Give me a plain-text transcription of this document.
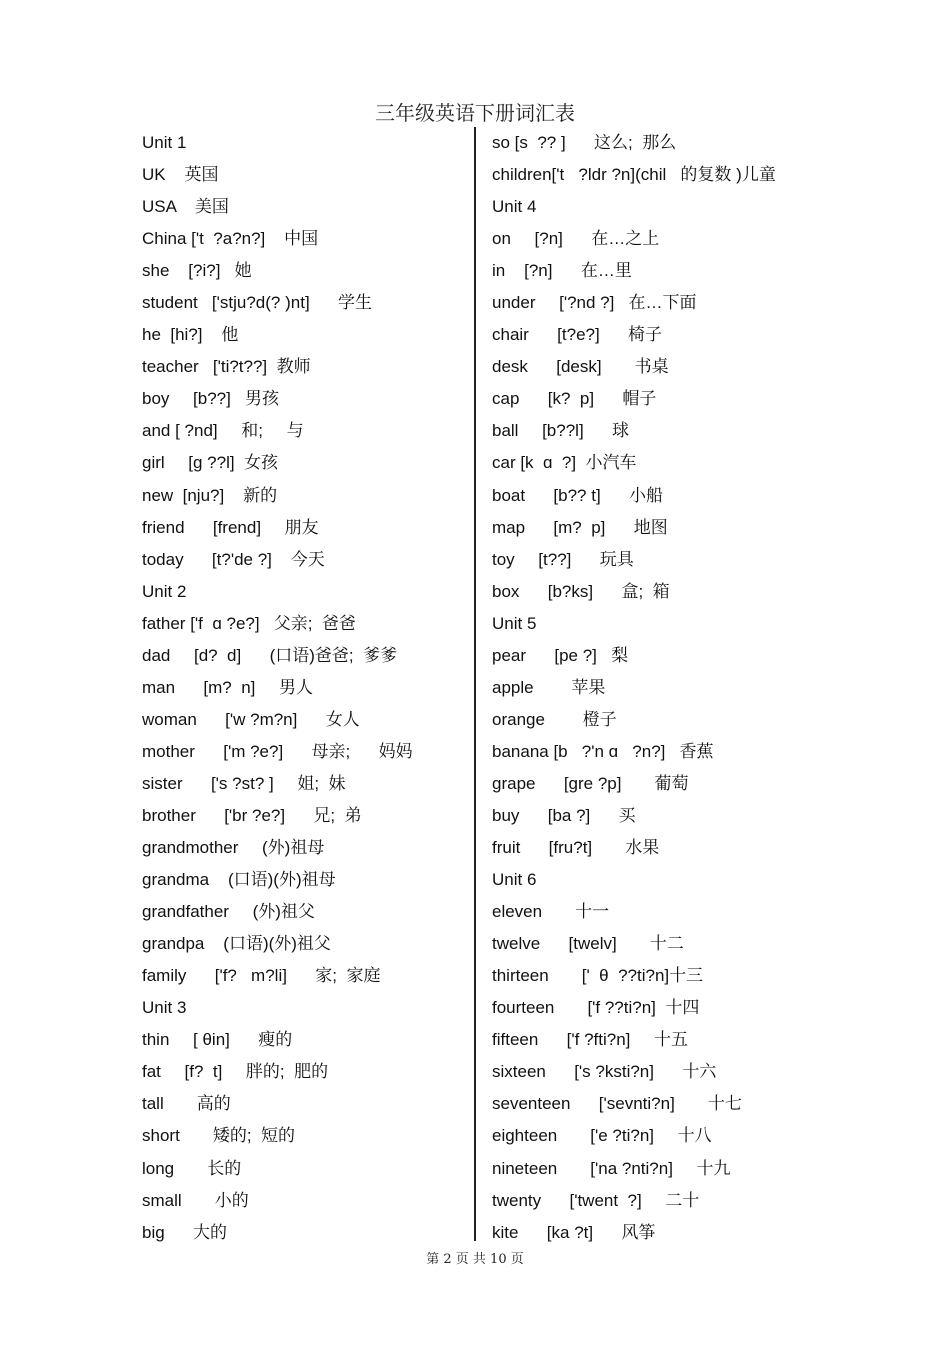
三年级英语下册词汇表
Unit 1
UK    英国
USA    美国
China ['t  ?a?n?]    中国
she    [?i?]   她
student   ['stju?d(? )nt]      学生
he  [hi?]    他
teacher   ['ti?t??]  教师
boy     [b??]   男孩
and [ ?nd]     和;     与
girl     [g ??l]  女孩
new  [nju?]    新的
friend      [frend]     朋友
today      [t?'de ?]    今天
Unit 2
father ['f  ɑ ?e?]   父亲;  爸爸
dad     [d?  d]      (口语)爸爸;  爹爹
man      [m?  n]     男人
woman      ['w ?m?n]      女人
mother      ['m ?e?]      母亲;      妈妈
sister      ['s ?st? ]     姐;  妹
brother      ['br ?e?]      兄;  弟
grandmother     (外)祖母
grandma    (口语)(外)祖母
grandfather     (外)祖父
grandpa    (口语)(外)祖父
family      ['f?   m?li]      家;  家庭
Unit 3
thin     [ θin]      瘦的
fat     [f?  t]     胖的;  肥的
tall       高的
short       矮的;  短的
long       长的
small       小的
big      大的
so [s  ?? ]      这么;  那么
children['t   ?ldr ?n](chil   的复数 )儿童
Unit 4
on     [?n]      在…之上
in    [?n]      在…里
under     ['?nd ?]   在…下面
chair      [t?e?]      椅子
desk      [desk]       书桌
cap      [k?  p]      帽子
ball     [b??l]      球
car [k  ɑ  ?]  小汽车
boat      [b?? t]      小船
map      [m?  p]      地图
toy     [t??]      玩具
box      [b?ks]      盒;  箱
Unit 5
pear      [pe ?]   梨
apple        苹果
orange        橙子
banana [b   ?'n ɑ   ?n?]   香蕉
grape      [gre ?p]       葡萄
buy      [ba ?]      买
fruit      [fru?t]       水果
Unit 6
eleven       十一
twelve      [twelv]       十二
thirteen       ['  θ  ??ti?n]十三
fourteen       ['f ??ti?n]  十四
fifteen      ['f ?fti?n]     十五
sixteen      ['s ?ksti?n]      十六
seventeen      ['sevnti?n]       十七
eighteen       ['e ?ti?n]     十八
nineteen       ['na ?nti?n]     十九
twenty      ['twent  ?]     二十
kite      [ka ?t]      风筝
第 2 页 共 10 页
